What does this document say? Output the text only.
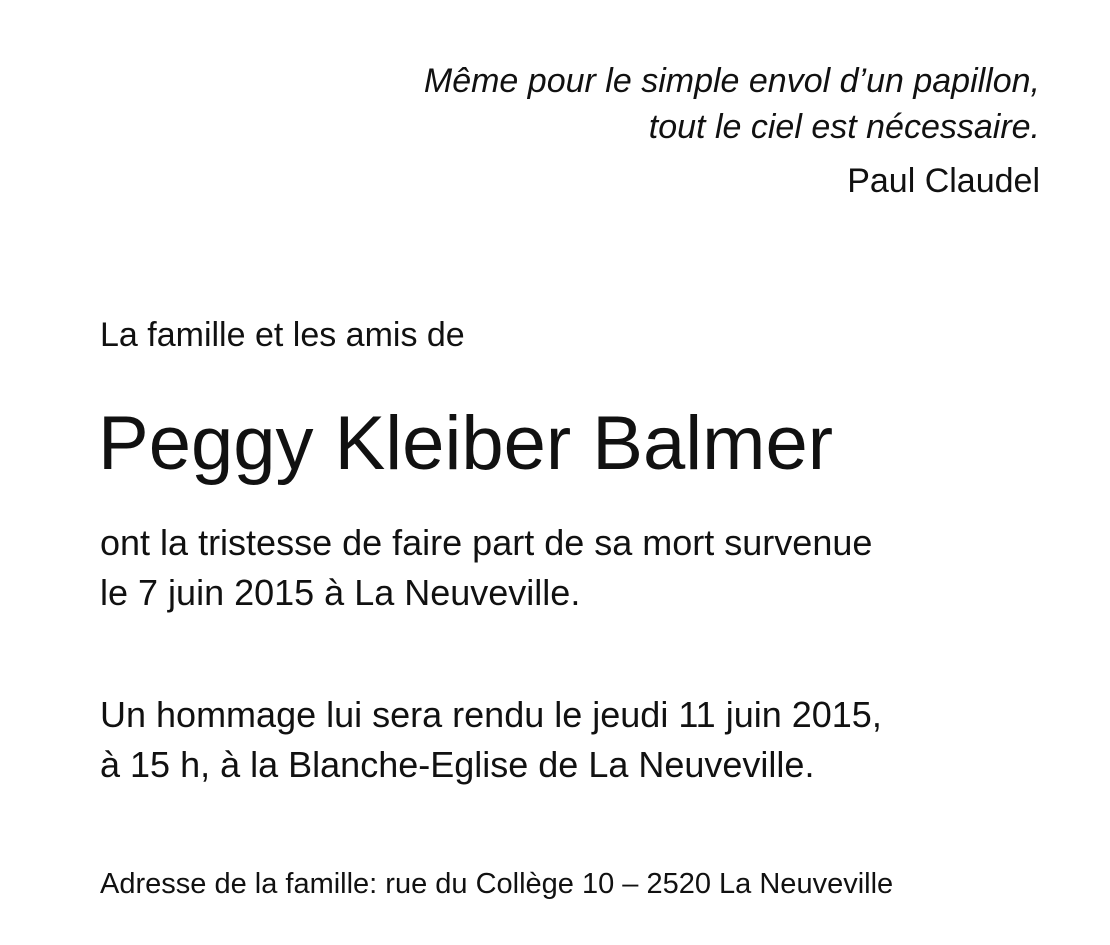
Même pour le simple envol d’un papillon,
tout le ciel est nécessaire.
Paul Claudel
La famille et les amis de
Peggy Kleiber Balmer
ont la tristesse de faire part de sa mort survenue
le 7 juin 2015 à La Neuveville.
Un hommage lui sera rendu le jeudi 11 juin 2015,
à 15 h, à la Blanche-Eglise de La Neuveville.
Adresse de la famille: rue du Collège 10 – 2520 La Neuveville
